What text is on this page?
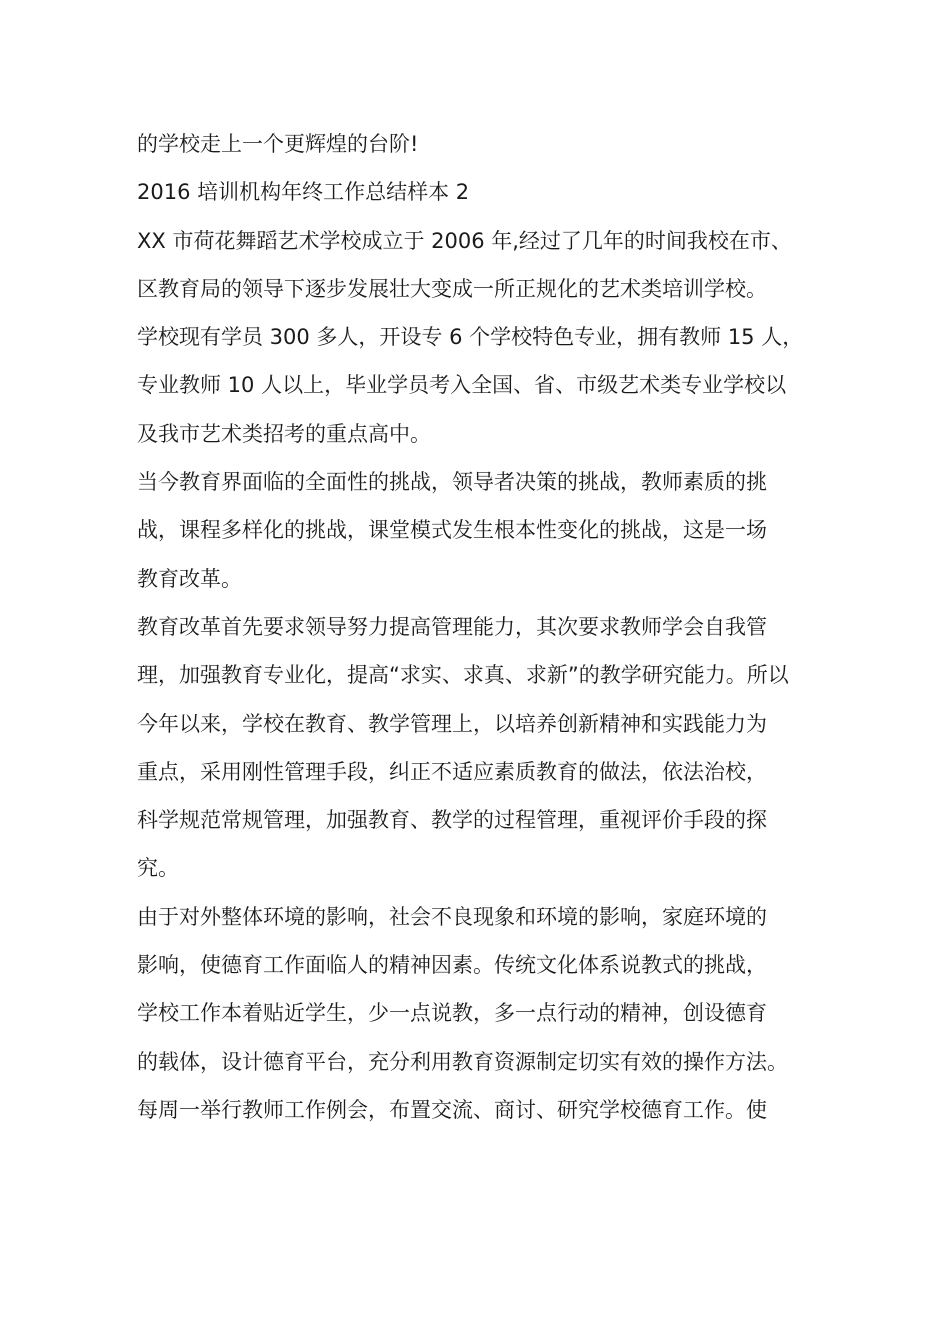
的学校走上一个更辉煌的台阶!
2016 培训机构年终工作总结样本 2
XX 市荷花舞蹈艺术学校成立于 2006 年,经过了几年的时间我校在市、
区教育局的领导下逐步发展壮大变成一所正规化的艺术类培训学校。
学校现有学员 300 多人，开设专 6 个学校特色专业，拥有教师 15 人，
专业教师 10 人以上，毕业学员考入全国、省、市级艺术类专业学校以
及我市艺术类招考的重点高中。
当今教育界面临的全面性的挑战，领导者决策的挑战，教师素质的挑
战，课程多样化的挑战，课堂模式发生根本性变化的挑战，这是一场
教育改革。
教育改革首先要求领导努力提高管理能力，其次要求教师学会自我管
理，加强教育专业化，提高“求实、求真、求新”的教学研究能力。所以
今年以来，学校在教育、教学管理上，以培养创新精神和实践能力为
重点，采用刚性管理手段，纠正不适应素质教育的做法，依法治校，
科学规范常规管理，加强教育、教学的过程管理，重视评价手段的探
究。
由于对外整体环境的影响，社会不良现象和环境的影响，家庭环境的
影响，使德育工作面临人的精神因素。传统文化体系说教式的挑战，
学校工作本着贴近学生，少一点说教，多一点行动的精神，创设德育
的载体，设计德育平台，充分利用教育资源制定切实有效的操作方法。
每周一举行教师工作例会，布置交流、商讨、研究学校德育工作。使
